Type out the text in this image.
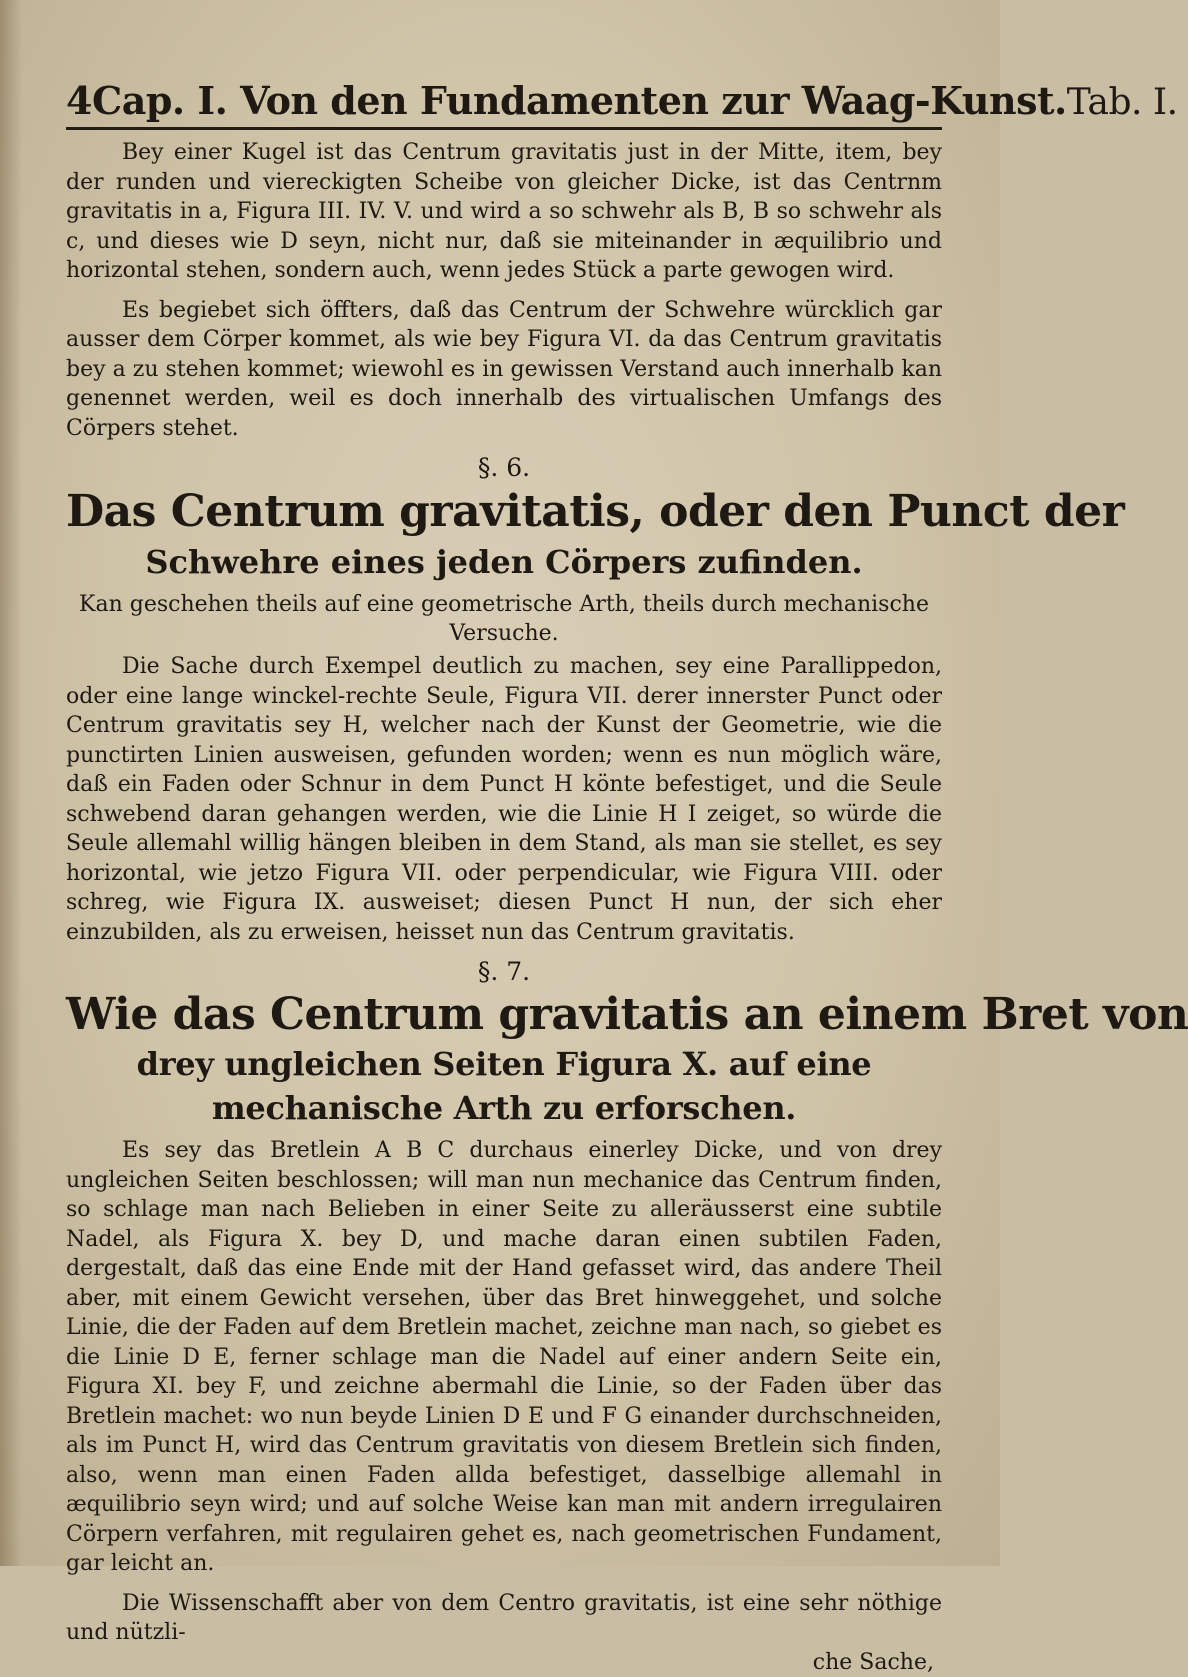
4 Cap. I. Von den Fundamenten zur Waag-Kunst. Tab. I.

Bey einer Kugel ist das Centrum gravitatis just in der Mitte, item, bey der runden und viereckigten Scheibe von gleicher Dicke, ist das Centrnm gravitatis in a, Figura III. IV. V. und wird a so schwehr als B, B so schwehr als c, und dieses wie D seyn, nicht nur, daß sie miteinander in æquilibrio und horizontal stehen, sondern auch, wenn jedes Stück a parte gewogen wird.

Es begiebet sich öffters, daß das Centrum der Schwehre würcklich gar ausser dem Cörper kommet, als wie bey Figura VI. da das Centrum gravitatis bey a zu stehen kommet; wiewohl es in gewissen Verstand auch innerhalb kan genennet werden, weil es doch innerhalb des virtualischen Umfangs des Cörpers stehet.

§. 6.

Das Centrum gravitatis, oder den Punct der

Schwehre eines jeden Cörpers zufinden.

Kan geschehen theils auf eine geometrische Arth, theils durch mechanische Versuche.

Die Sache durch Exempel deutlich zu machen, sey eine Parallippedon, oder eine lange winckel-rechte Seule, Figura VII. derer innerster Punct oder Centrum gravitatis sey H, welcher nach der Kunst der Geometrie, wie die punctirten Linien ausweisen, gefunden worden; wenn es nun möglich wäre, daß ein Faden oder Schnur in dem Punct H könte befestiget, und die Seule schwebend daran gehangen werden, wie die Linie H I zeiget, so würde die Seule allemahl willig hängen bleiben in dem Stand, als man sie stellet, es sey horizontal, wie jetzo Figura VII. oder perpendicular, wie Figura VIII. oder schreg, wie Figura IX. ausweiset; diesen Punct H nun, der sich eher einzubilden, als zu erweisen, heisset nun das Centrum gravitatis.

§. 7.

Wie das Centrum gravitatis an einem Bret von

drey ungleichen Seiten Figura X. auf eine mechanische Arth zu erforschen.

Es sey das Bretlein A B C durchaus einerley Dicke, und von drey ungleichen Seiten beschlossen; will man nun mechanice das Centrum finden, so schlage man nach Belieben in einer Seite zu alleräusserst eine subtile Nadel, als Figura X. bey D, und mache daran einen subtilen Faden, dergestalt, daß das eine Ende mit der Hand gefasset wird, das andere Theil aber, mit einem Gewicht versehen, über das Bret hinweggehet, und solche Linie, die der Faden auf dem Bretlein machet, zeichne man nach, so giebet es die Linie D E, ferner schlage man die Nadel auf einer andern Seite ein, Figura XI. bey F, und zeichne abermahl die Linie, so der Faden über das Bretlein machet: wo nun beyde Linien D E und F G einander durchschneiden, als im Punct H, wird das Centrum gravitatis von diesem Bretlein sich finden, also, wenn man einen Faden allda befestiget, dasselbige allemahl in æquilibrio seyn wird; und auf solche Weise kan man mit andern irregulairen Cörpern verfahren, mit regulairen gehet es, nach geometrischen Fundament, gar leicht an.

Die Wissenschafft aber von dem Centro gravitatis, ist eine sehr nöthige und nützli-

che Sache,
